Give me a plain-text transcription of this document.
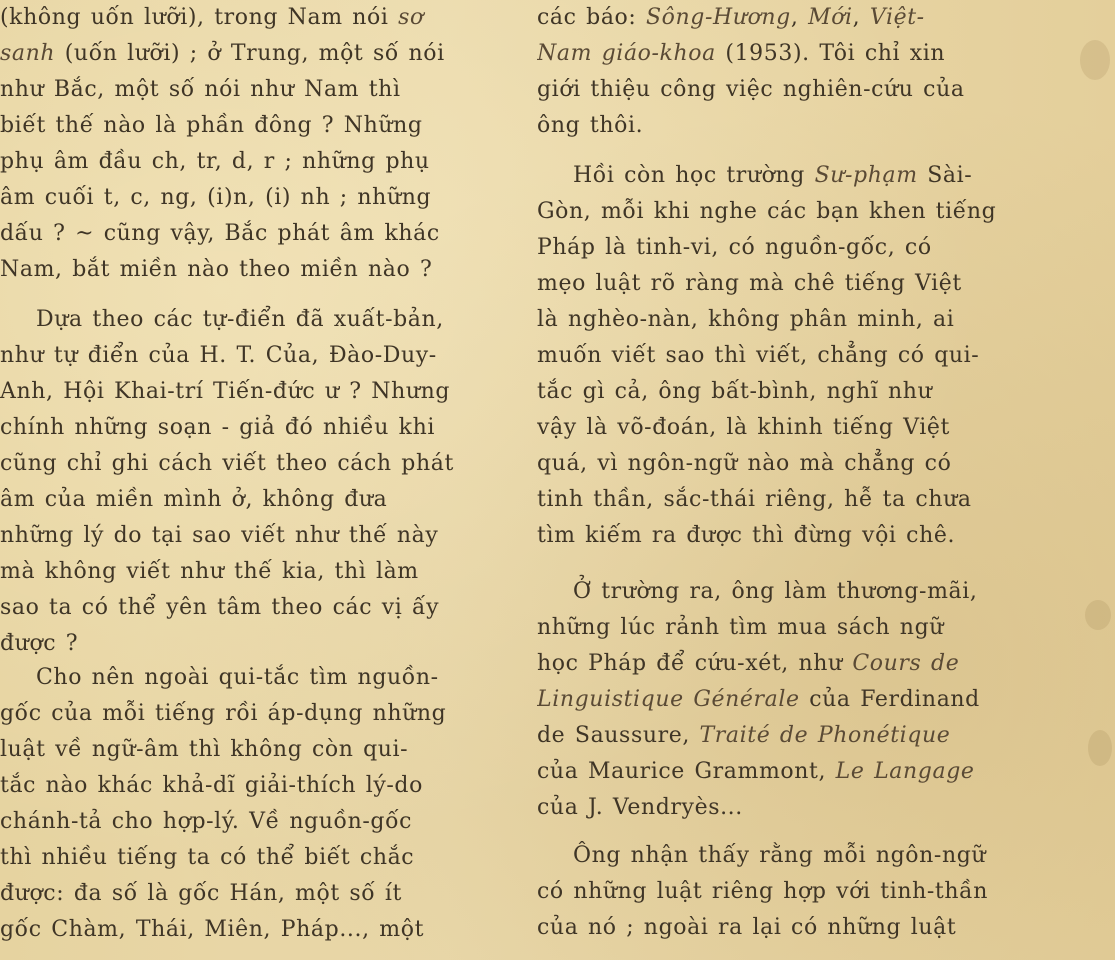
(không uốn lưỡi), trong Nam nói sơ
sanh (uốn lưỡi) ; ở Trung, một số nói
như Bắc, một số nói như Nam thì
biết thế nào là phần đông ? Những
phụ âm đầu ch, tr, d, r ; những phụ
âm cuối t, c, ng, (i)n, (i) nh ; những
dấu ? ~ cũng vậy, Bắc phát âm khác
Nam, bắt miền nào theo miền nào ?
Dựa theo các tự-điển đã xuất-bản,
như tự điển của H. T. Của, Đào-Duy-
Anh, Hội Khai-trí Tiến-đức ư ? Nhưng
chính những soạn - giả đó nhiều khi
cũng chỉ ghi cách viết theo cách phát
âm của miền mình ở, không đưa
những lý do tại sao viết như thế này
mà không viết như thế kia, thì làm
sao ta có thể yên tâm theo các vị ấy
được ?
Cho nên ngoài qui-tắc tìm nguồn-
gốc của mỗi tiếng rồi áp-dụng những
luật về ngữ-âm thì không còn qui-
tắc nào khác khả-dĩ giải-thích lý-do
chánh-tả cho hợp-lý. Về nguồn-gốc
thì nhiều tiếng ta có thể biết chắc
được: đa số là gốc Hán, một số ít
gốc Chàm, Thái, Miên, Pháp..., một
các báo: Sông-Hương, Mới, Việt-
Nam giáo-khoa (1953). Tôi chỉ xin
giới thiệu công việc nghiên-cứu của
ông thôi.
Hồi còn học trường Sư-phạm Sài-
Gòn, mỗi khi nghe các bạn khen tiếng
Pháp là tinh-vi, có nguồn-gốc, có
mẹo luật rõ ràng mà chê tiếng Việt
là nghèo-nàn, không phân minh, ai
muốn viết sao thì viết, chẳng có qui-
tắc gì cả, ông bất-bình, nghĩ như
vậy là võ-đoán, là khinh tiếng Việt
quá, vì ngôn-ngữ nào mà chẳng có
tinh thần, sắc-thái riêng, hễ ta chưa
tìm kiếm ra được thì đừng vội chê.
Ở trường ra, ông làm thương-mãi,
những lúc rảnh tìm mua sách ngữ
học Pháp để cứu-xét, như Cours de
Linguistique Générale của Ferdinand
de Saussure, Traité de Phonétique
của Maurice Grammont, Le Langage
của J. Vendryès...
Ông nhận thấy rằng mỗi ngôn-ngữ
có những luật riêng hợp với tinh-thần
của nó ; ngoài ra lại có những luật
